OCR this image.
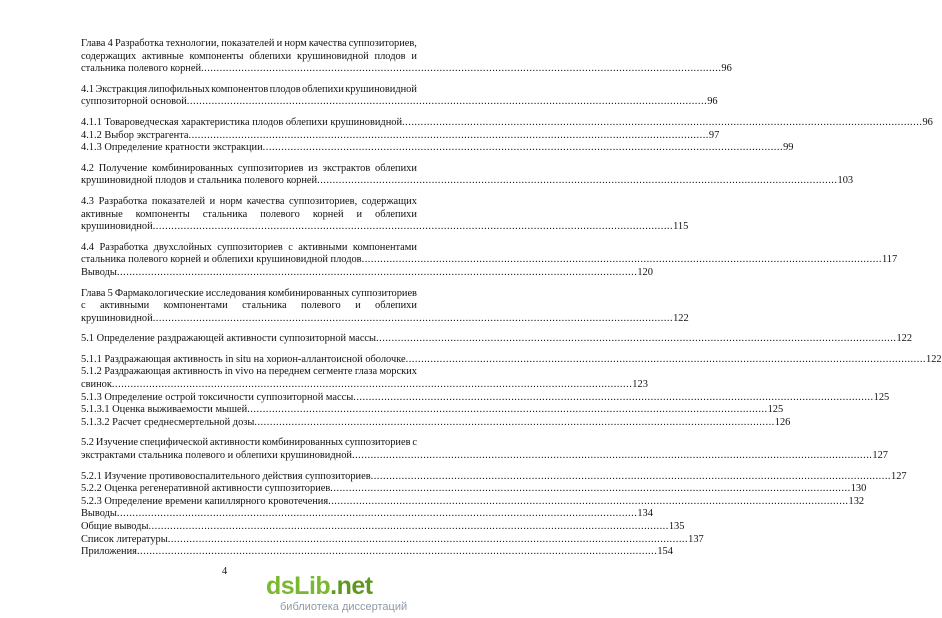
Глава 4 Разработка технологии, показателей и норм качества суппозиториев,
содержащих активные компоненты облепихи крушиновидной плодов и
стальника полевого корней .....	96
4.1 Экстракция липофильных компонентов плодов облепихи крушиновидной
суппозиторной основой .....	96
4.1.1 Товароведческая характеристика плодов облепихи крушиновидной .....	96
4.1.2 Выбор экстрагента .....	97
4.1.3 Определение кратности экстракции .....	99
4.2 Получение комбинированных суппозиториев из экстрактов облепихи
крушиновидной плодов и стальника полевого корней .....	103
4.3 Разработка показателей и норм качества суппозиториев, содержащих
активные компоненты стальника полевого корней и облепихи
крушиновидной .....	115
4.4 Разработка двухслойных суппозиториев с активными компонентами
стальника полевого корней и облепихи крушиновидной плодов .....	117
Выводы .....	120
Глава 5 Фармакологические исследования комбинированных суппозиториев
с активными компонентами стальника полевого и облепихи
крушиновидной .....	122
5.1 Определение раздражающей активности суппозиторной массы .....	122
5.1.1 Раздражающая активность in situ на хорион-аллантоисной оболочке .....	122
5.1.2 Раздражающая активность in vivo на переднем сегменте глаза морских
свинок .....	123
5.1.3 Определение острой токсичности суппозиторной массы .....	125
5.1.3.1 Оценка выживаемости мышей .....	125
5.1.3.2 Расчет среднесмертельной дозы .....	126
5.2 Изучение специфической активности комбинированных суппозиториев с
экстрактами стальника полевого и облепихи крушиновидной .....	127
5.2.1 Изучение противовоспалительного действия суппозиториев .....	127
5.2.2 Оценка регенеративной активности суппозиториев .....	130
5.2.3 Определение времени капиллярного кровотечения .....	132
Выводы .....	134
Общие выводы .....	135
Список литературы .....	137
Приложения .....	154
4
dsLib.net
библиотека диссертаций
